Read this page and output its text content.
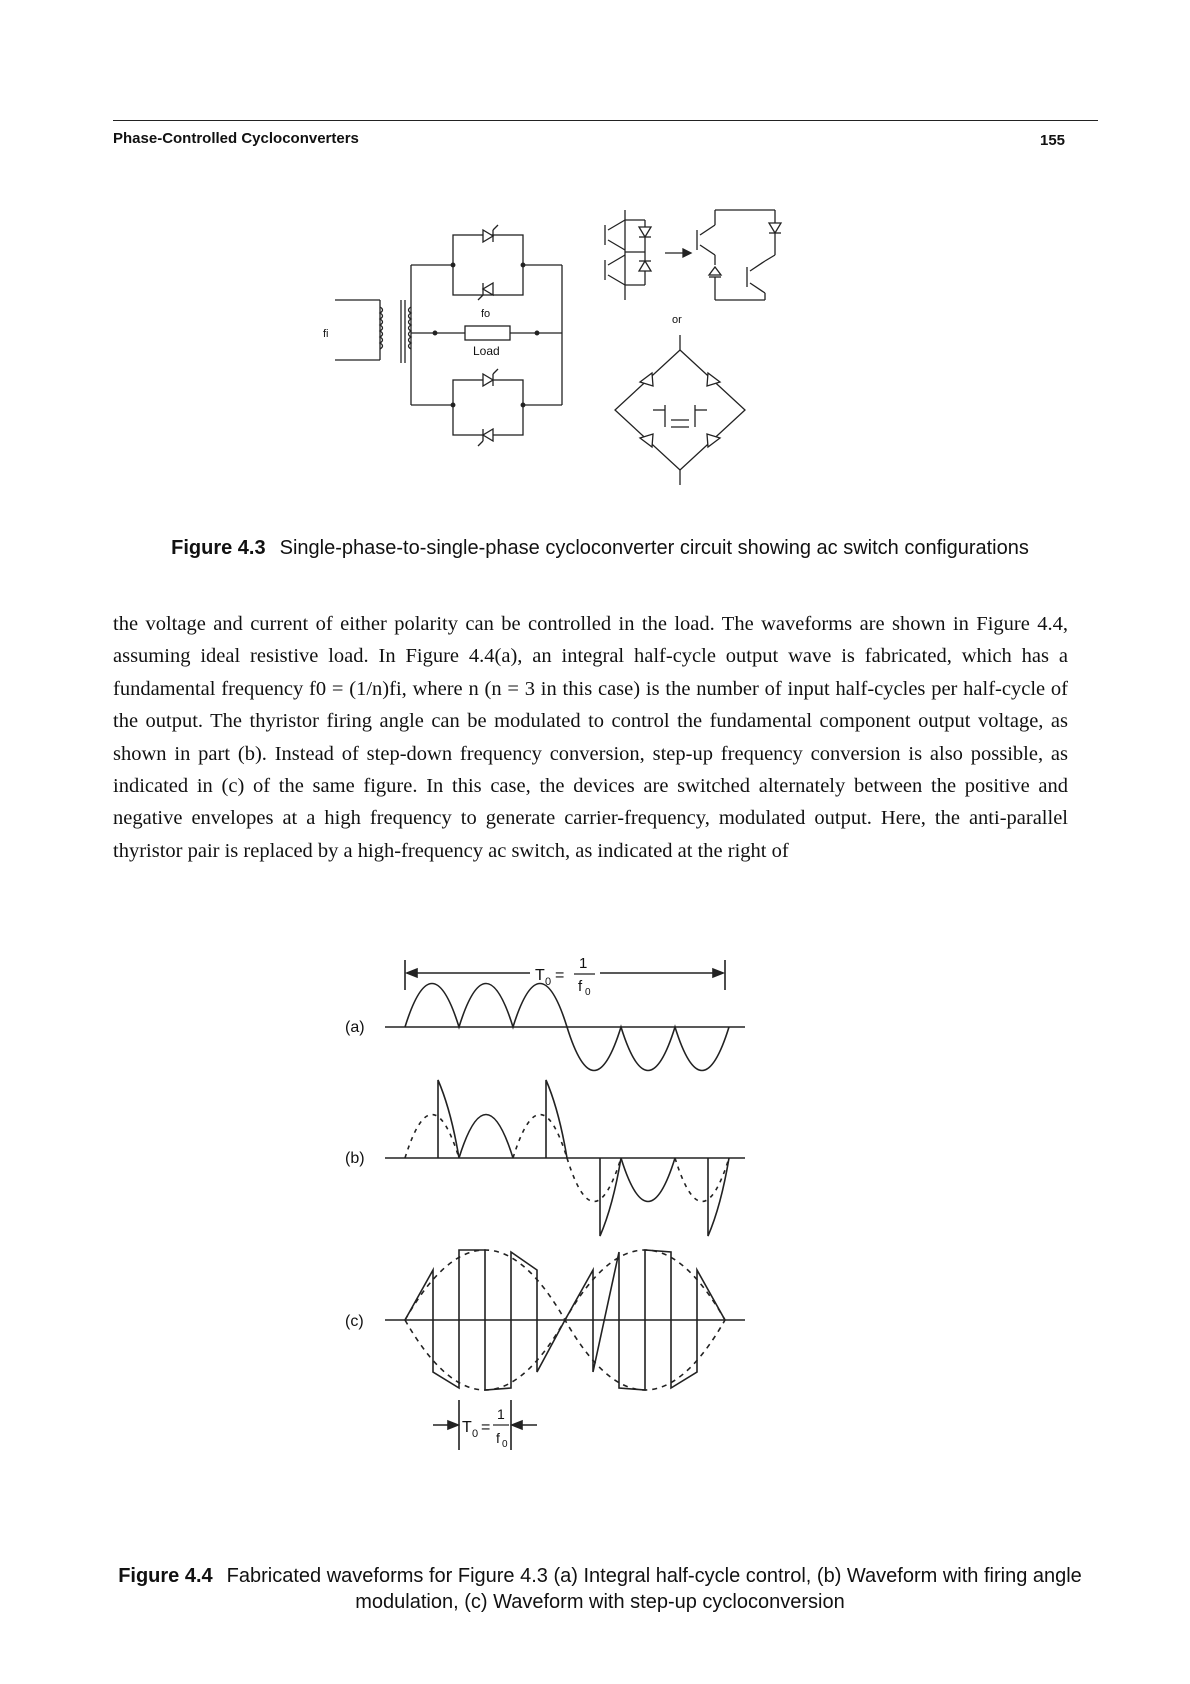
Phase-Controlled Cycloconverters	155
fi
fo
Load
or
Figure 4.3 Single-phase-to-single-phase cycloconverter circuit showing ac switch configurations

the voltage and current of either polarity can be controlled in the load. The waveforms are shown in Figure 4.4, assuming ideal resistive load. In Figure 4.4(a), an integral half-cycle output wave is fabricated, which has a fundamental frequency f0 = (1/n)fi, where n (n = 3 in this case) is the number of input half-cycles per half-cycle of the output. The thyristor firing angle can be modulated to control the fundamental component output voltage, as shown in part (b). Instead of step-down frequency conversion, step-up frequency conversion is also possible, as indicated in (c) of the same figure. In this case, the devices are switched alternately between the positive and negative envelopes at a high frequency to generate carrier-frequency, modulated output. Here, the anti-parallel thyristor pair is replaced by a high-frequency ac switch, as indicated at the right of

T 0 =
1
f 0
(a)
(b)
(c)
T 0 =
1
f 0
Figure 4.4 Fabricated waveforms for Figure 4.3 (a) Integral half-cycle control, (b) Waveform with firing angle modulation, (c) Waveform with step-up cycloconversion
